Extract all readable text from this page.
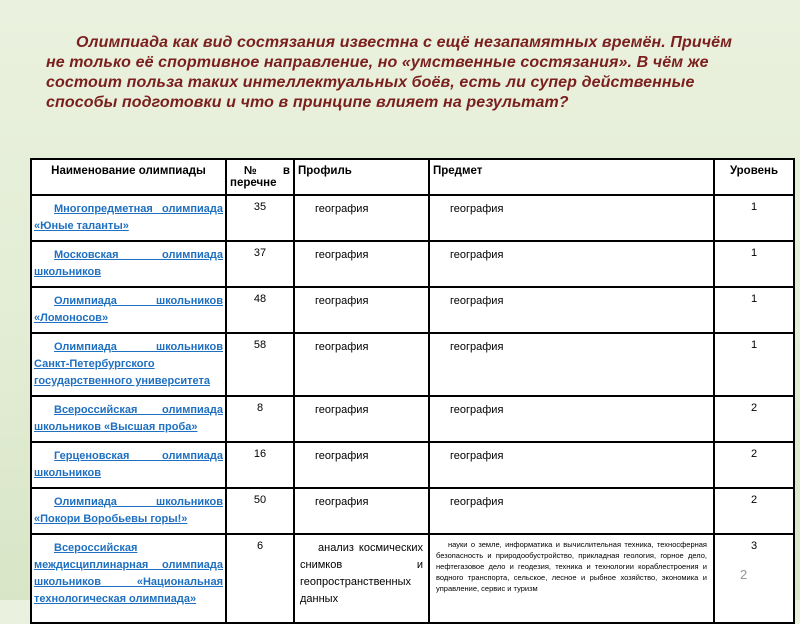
Олимпиада как вид состязания известна с ещё незапамятных времён. Причём не только её спортивное направление, но «умственные состязания». В чём же состоит польза таких интеллектуальных боёв, есть ли супер действенные способы подготовки и что в принципе влияет на результат?
Наименование олимпиады	№ в перечне	Профиль	Предмет	Уровень
Многопредметная олимпиада «Юные таланты»	35	география	география	1
Московская олимпиада школьников	37	география	география	1
Олимпиада школьников «Ломоносов»	48	география	география	1
Олимпиада школьников Санкт-Петербургского государственного университета	58	география	география	1
Всероссийская олимпиада школьников «Высшая проба»	8	география	география	2
Герценовская олимпиада школьников	16	география	география	2
Олимпиада школьников «Покори Воробьевы горы!»	50	география	география	2
Всероссийская междисциплинарная олимпиада школьников «Национальная технологическая олимпиада»	6	анализ космических снимков и геопространственных данных	науки о земле, информатика и вычислительная техника, техносферная безопасность и природообустройство, прикладная геология, горное дело, нефтегазовое дело и геодезия, техника и технологии кораблестроения и водного транспорта, сельское, лесное и рыбное хозяйство, экономика и управление, сервис и туризм	3
2
